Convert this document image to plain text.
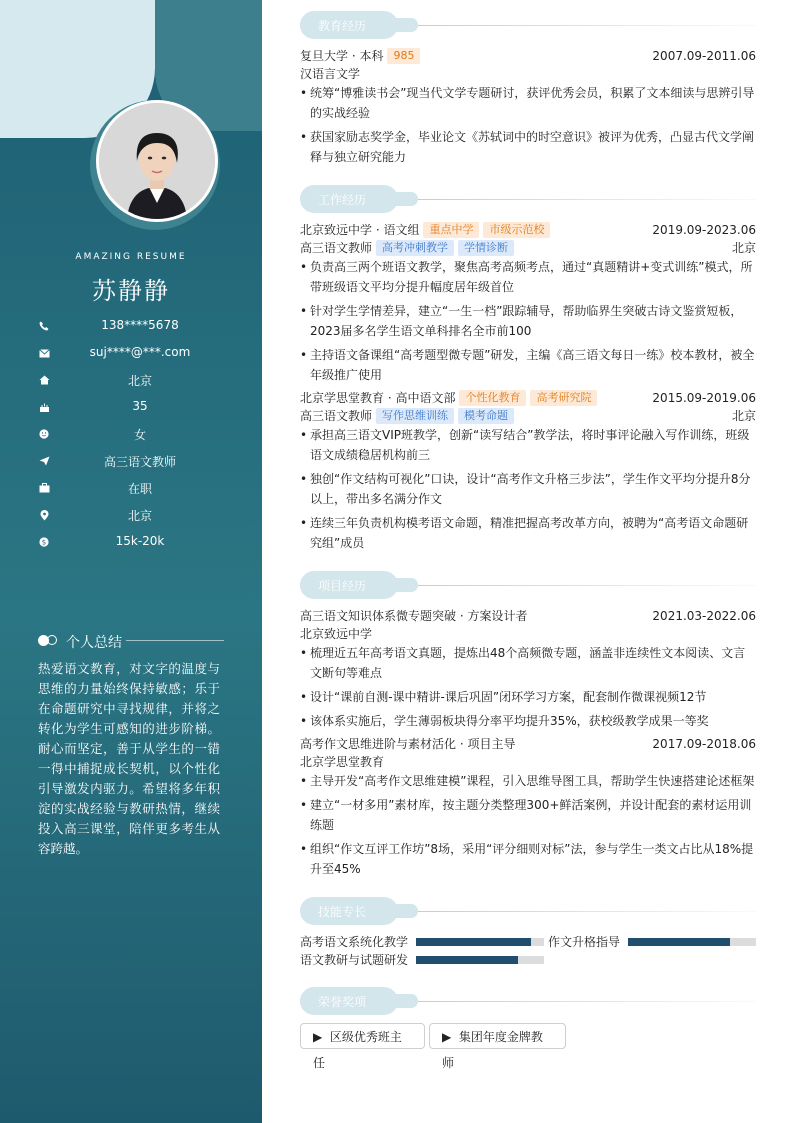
AMAZING RESUME
苏静静
138****5678
suj****@***.com
北京
35
女
高三语文教师
在职
北京
$	15k-20k
个人总结
热爱语文教育，对文字的温度与思维的力量始终保持敏感；乐于在命题研究中寻找规律，并将之转化为学生可感知的进步阶梯。耐心而坚定，善于从学生的一错一得中捕捉成长契机，以个性化引导激发内驱力。希望将多年积淀的实战经验与教研热情，继续投入高三课堂，陪伴更多考生从容跨越。
教育经历
复旦大学 · 本科 985	2007.09-2011.06
汉语言文学
• 统筹“博雅读书会”现当代文学专题研讨，获评优秀会员，积累了文本细读与思辨引导的实战经验
• 获国家励志奖学金，毕业论文《苏轼词中的时空意识》被评为优秀，凸显古代文学阐释与独立研究能力
工作经历
北京致远中学 · 语文组 重点中学 市级示范校	2019.09-2023.06
高三语文教师 高考冲刺教学 学情诊断	北京
• 负责高三两个班语文教学，聚焦高考高频考点，通过“真题精讲+变式训练”模式，所带班级语文平均分提升幅度居年级首位
• 针对学生学情差异，建立“一生一档”跟踪辅导，帮助临界生突破古诗文鉴赏短板，2023届多名学生语文单科排名全市前100
• 主持语文备课组“高考题型微专题”研发，主编《高三语文每日一练》校本教材，被全年级推广使用
北京学思堂教育 · 高中语文部 个性化教育 高考研究院	2015.09-2019.06
高三语文教师 写作思维训练 模考命题	北京
• 承担高三语文VIP班教学，创新“读写结合”教学法，将时事评论融入写作训练，班级语文成绩稳居机构前三
• 独创“作文结构可视化”口诀，设计“高考作文升格三步法”，学生作文平均分提升8分以上，带出多名满分作文
• 连续三年负责机构模考语文命题，精准把握高考改革方向，被聘为“高考语文命题研究组”成员
项目经历
高三语文知识体系微专题突破 · 方案设计者	2021.03-2022.06
北京致远中学
• 梳理近五年高考语文真题，提炼出48个高频微专题，涵盖非连续性文本阅读、文言文断句等难点
• 设计“课前自测-课中精讲-课后巩固”闭环学习方案，配套制作微课视频12节
• 该体系实施后，学生薄弱板块得分率平均提升35%，获校级教学成果一等奖
高考作文思维进阶与素材活化 · 项目主导	2017.09-2018.06
北京学思堂教育
• 主导开发“高考作文思维建模”课程，引入思维导图工具，帮助学生快速搭建论述框架
• 建立“一材多用”素材库，按主题分类整理300+鲜活案例，并设计配套的素材运用训练题
• 组织“作文互评工作坊”8场，采用“评分细则对标”法，参与学生一类文占比从18%提升至45%
技能专长
高考语文系统化教学	作文升格指导
语文教研与试题研发
荣誉奖项
▶ 区级优秀班主任
▶ 集团年度金牌教师
